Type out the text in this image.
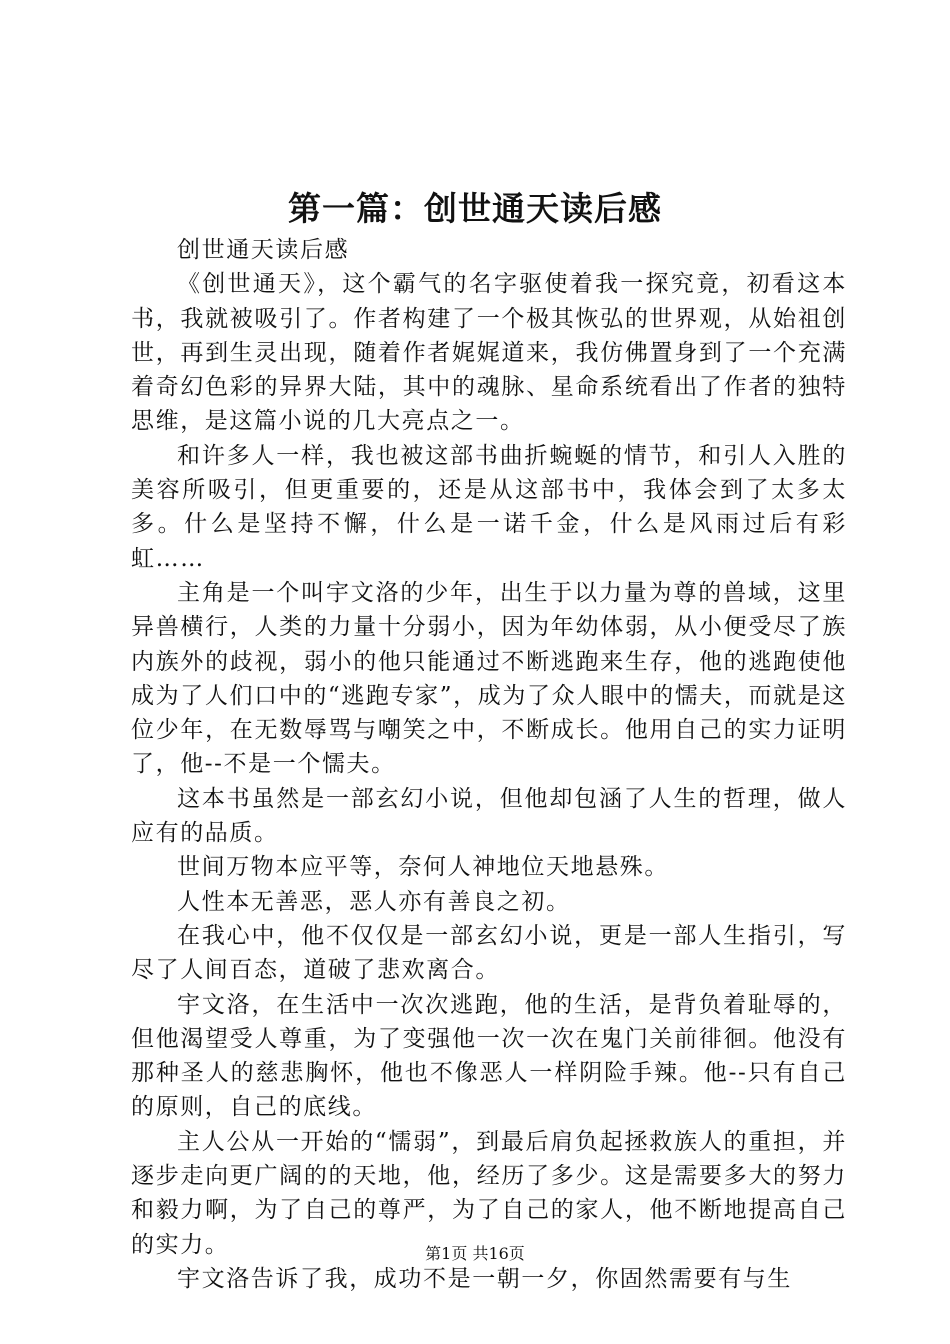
第一篇：创世通天读后感

创世通天读后感

《创世通天》，这个霸气的名字驱使着我一探究竟，初看这本书，我就被吸引了。作者构建了一个极其恢弘的世界观，从始祖创世，再到生灵出现，随着作者娓娓道来，我仿佛置身到了一个充满着奇幻色彩的异界大陆，其中的魂脉、星命系统看出了作者的独特思维，是这篇小说的几大亮点之一。

和许多人一样，我也被这部书曲折蜿蜒的情节，和引人入胜的美容所吸引，但更重要的，还是从这部书中，我体会到了太多太多。什么是坚持不懈，什么是一诺千金，什么是风雨过后有彩虹……

主角是一个叫宇文洛的少年，出生于以力量为尊的兽域，这里异兽横行，人类的力量十分弱小，因为年幼体弱，从小便受尽了族内族外的歧视，弱小的他只能通过不断逃跑来生存，他的逃跑使他成为了人们口中的“逃跑专家”，成为了众人眼中的懦夫，而就是这位少年，在无数辱骂与嘲笑之中，不断成长。他用自己的实力证明了，他--不是一个懦夫。

这本书虽然是一部玄幻小说，但他却包涵了人生的哲理，做人应有的品质。

世间万物本应平等，奈何人神地位天地悬殊。

人性本无善恶，恶人亦有善良之初。

在我心中，他不仅仅是一部玄幻小说，更是一部人生指引，写尽了人间百态，道破了悲欢离合。

宇文洛，在生活中一次次逃跑，他的生活，是背负着耻辱的，但他渴望受人尊重，为了变强他一次一次在鬼门关前徘徊。他没有那种圣人的慈悲胸怀，他也不像恶人一样阴险手辣。他--只有自己的原则，自己的底线。

主人公从一开始的“懦弱”，到最后肩负起拯救族人的重担，并逐步走向更广阔的的天地，他，经历了多少。这是需要多大的努力和毅力啊，为了自己的尊严，为了自己的家人，他不断地提高自己的实力。

宇文洛告诉了我，成功不是一朝一夕，你固然需要有与生

第1页 共16页
